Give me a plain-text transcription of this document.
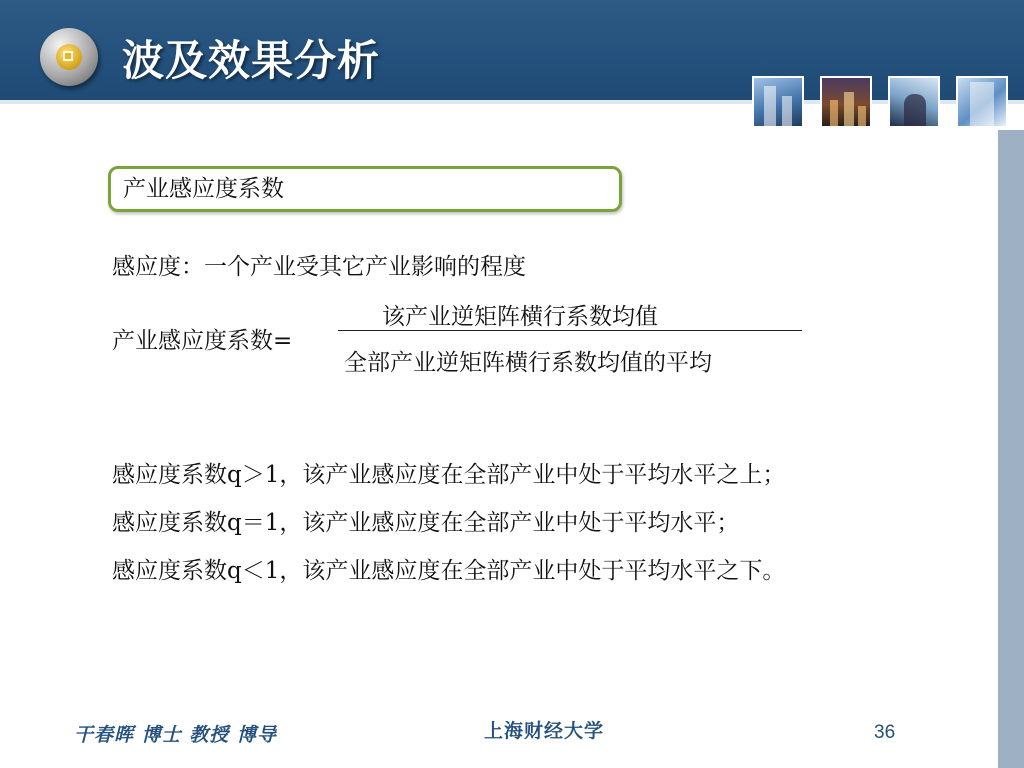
波及效果分析
产业感应度系数
感应度：一个产业受其它产业影响的程度
产业感应度系数=
该产业逆矩阵横行系数均值
全部产业逆矩阵横行系数均值的平均
感应度系数q＞1，该产业感应度在全部产业中处于平均水平之上；
感应度系数q＝1，该产业感应度在全部产业中处于平均水平；
感应度系数q＜1，该产业感应度在全部产业中处于平均水平之下。
干春晖 博士 教授 博导	上海财经大学	36
